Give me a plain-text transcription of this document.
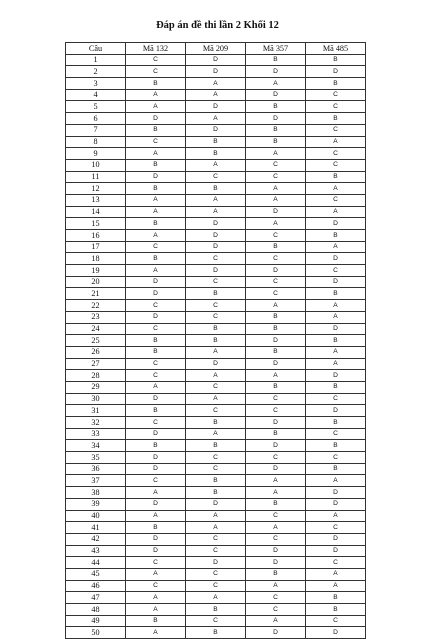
Đáp án đề thi lần 2 Khối 12
Câu	Mã 132	Mã 209	Mã 357	Mã 485
1	C	D	B	B
2	C	D	D	D
3	B	A	A	B
4	A	A	D	C
5	A	D	B	C
6	D	A	D	B
7	B	D	B	C
8	C	B	B	A
9	A	B	A	C
10	B	A	C	C
11	D	C	C	B
12	B	B	A	A
13	A	A	A	C
14	A	A	D	A
15	B	D	A	D
16	A	D	C	B
17	C	D	B	A
18	B	C	C	D
19	A	D	D	C
20	D	C	C	D
21	D	B	C	B
22	C	C	A	A
23	D	C	B	A
24	C	B	B	D
25	B	B	D	B
26	B	A	B	A
27	C	D	D	A
28	C	A	A	D
29	A	C	B	B
30	D	A	C	C
31	B	C	C	D
32	C	B	D	B
33	D	A	B	C
34	B	B	D	B
35	D	C	C	C
36	D	C	D	B
37	C	B	A	A
38	A	B	A	D
39	D	D	B	D
40	A	A	C	A
41	B	A	A	C
42	D	C	C	D
43	D	C	D	D
44	C	D	D	C
45	A	C	B	A
46	C	C	A	A
47	A	A	C	B
48	A	B	C	B
49	B	C	A	C
50	A	B	D	D
